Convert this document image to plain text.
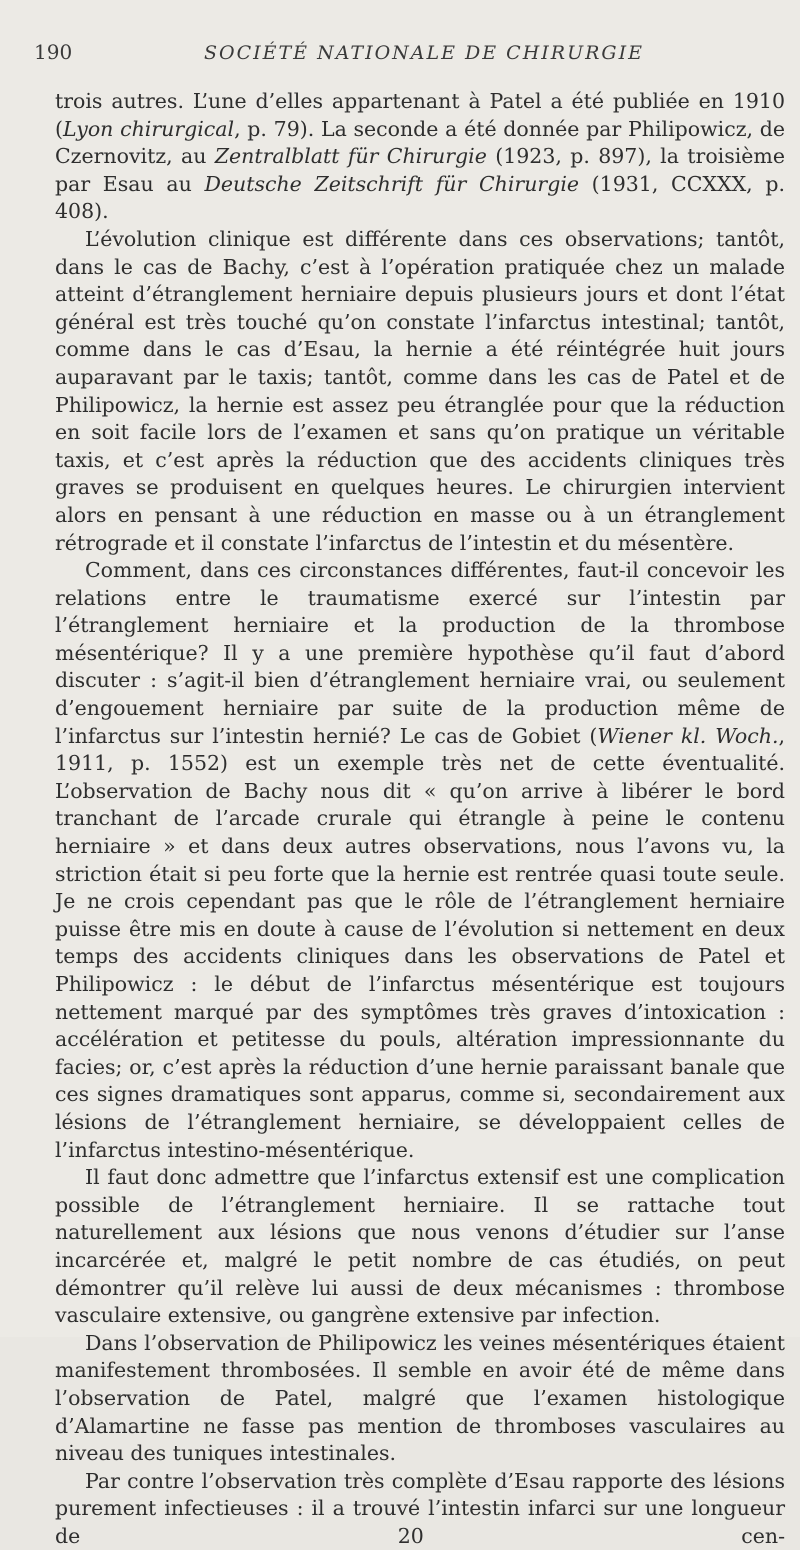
190	SOCIÉTÉ NATIONALE DE CHIRURGIE

trois autres. L’une d’elles appartenant à Patel a été publiée en 1910 (Lyon chirurgical, p. 79). La seconde a été donnée par Philipowicz, de Czernovitz, au Zentralblatt für Chirurgie (1923, p. 897), la troisième par Esau au Deutsche Zeitschrift für Chirurgie (1931, CCXXX, p. 408).

L’évolution clinique est différente dans ces observations; tantôt, dans le cas de Bachy, c’est à l’opération pratiquée chez un malade atteint d’étranglement herniaire depuis plusieurs jours et dont l’état général est très touché qu’on constate l’infarctus intestinal; tantôt, comme dans le cas d’Esau, la hernie a été réintégrée huit jours auparavant par le taxis; tantôt, comme dans les cas de Patel et de Philipowicz, la hernie est assez peu étranglée pour que la réduction en soit facile lors de l’examen et sans qu’on pratique un véritable taxis, et c’est après la réduction que des accidents cliniques très graves se produisent en quelques heures. Le chirurgien intervient alors en pensant à une réduction en masse ou à un étranglement rétrograde et il constate l’infarctus de l’intestin et du mésentère.

Comment, dans ces circonstances différentes, faut-il concevoir les relations entre le traumatisme exercé sur l’intestin par l’étranglement herniaire et la production de la thrombose mésentérique? Il y a une première hypothèse qu’il faut d’abord discuter : s’agit-il bien d’étranglement herniaire vrai, ou seulement d’engouement herniaire par suite de la production même de l’infarctus sur l’intestin hernié? Le cas de Gobiet (Wiener kl. Woch., 1911, p. 1552) est un exemple très net de cette éventualité. L’observation de Bachy nous dit « qu’on arrive à libérer le bord tranchant de l’arcade crurale qui étrangle à peine le contenu herniaire » et dans deux autres observations, nous l’avons vu, la striction était si peu forte que la hernie est rentrée quasi toute seule. Je ne crois cependant pas que le rôle de l’étranglement herniaire puisse être mis en doute à cause de l’évolution si nettement en deux temps des accidents cliniques dans les observations de Patel et Philipowicz : le début de l’infarctus mésentérique est toujours nettement marqué par des symptômes très graves d’intoxication : accélération et petitesse du pouls, altération impressionnante du facies; or, c’est après la réduction d’une hernie paraissant banale que ces signes dramatiques sont apparus, comme si, secondairement aux lésions de l’étranglement herniaire, se développaient celles de l’infarctus intestino-mésentérique.

Il faut donc admettre que l’infarctus extensif est une complication possible de l’étranglement herniaire. Il se rattache tout naturellement aux lésions que nous venons d’étudier sur l’anse incarcérée et, malgré le petit nombre de cas étudiés, on peut démontrer qu’il relève lui aussi de deux mécanismes : thrombose vasculaire extensive, ou gangrène extensive par infection.

Dans l’observation de Philipowicz les veines mésentériques étaient manifestement thrombosées. Il semble en avoir été de même dans l’observation de Patel, malgré que l’examen histologique d’Alamartine ne fasse pas mention de thromboses vasculaires au niveau des tuniques intestinales.

Par contre l’observation très complète d’Esau rapporte des lésions purement infectieuses : il a trouvé l’intestin infarci sur une longueur de 20 cen-
